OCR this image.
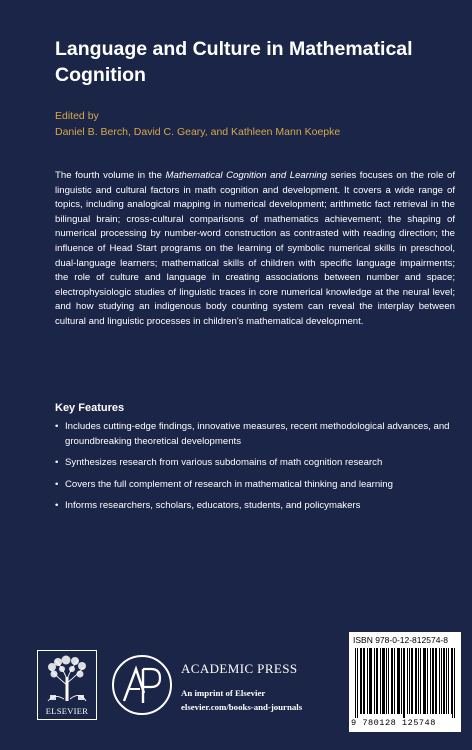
Language and Culture in Mathematical Cognition
Edited by
Daniel B. Berch, David C. Geary, and Kathleen Mann Koepke

The fourth volume in the Mathematical Cognition and Learning series focuses on the role of linguistic and cultural factors in math cognition and development. It covers a wide range of topics, including analogical mapping in numerical development; arithmetic fact retrieval in the bilingual brain; cross-cultural comparisons of mathematics achievement; the shaping of numerical processing by number-word construction as contrasted with reading direction; the influence of Head Start programs on the learning of symbolic numerical skills in preschool, dual-language learners; mathematical skills of children with specific language impairments; the role of culture and language in creating associations between number and space; electrophysiologic studies of linguistic traces in core numerical knowledge at the neural level; and how studying an indigenous body counting system can reveal the interplay between cultural and linguistic processes in children's mathematical development.

Key Features
• Includes cutting-edge findings, innovative measures, recent methodological advances, and groundbreaking theoretical developments
• Synthesizes research from various subdomains of math cognition research
• Covers the full complement of research in mathematical thinking and learning
• Informs researchers, scholars, educators, students, and policymakers
ELSEVIER
ACADEMIC PRESS
An imprint of Elsevier
elsevier.com/books-and-journals
ISBN 978-0-12-812574-8
9 780128 125748
